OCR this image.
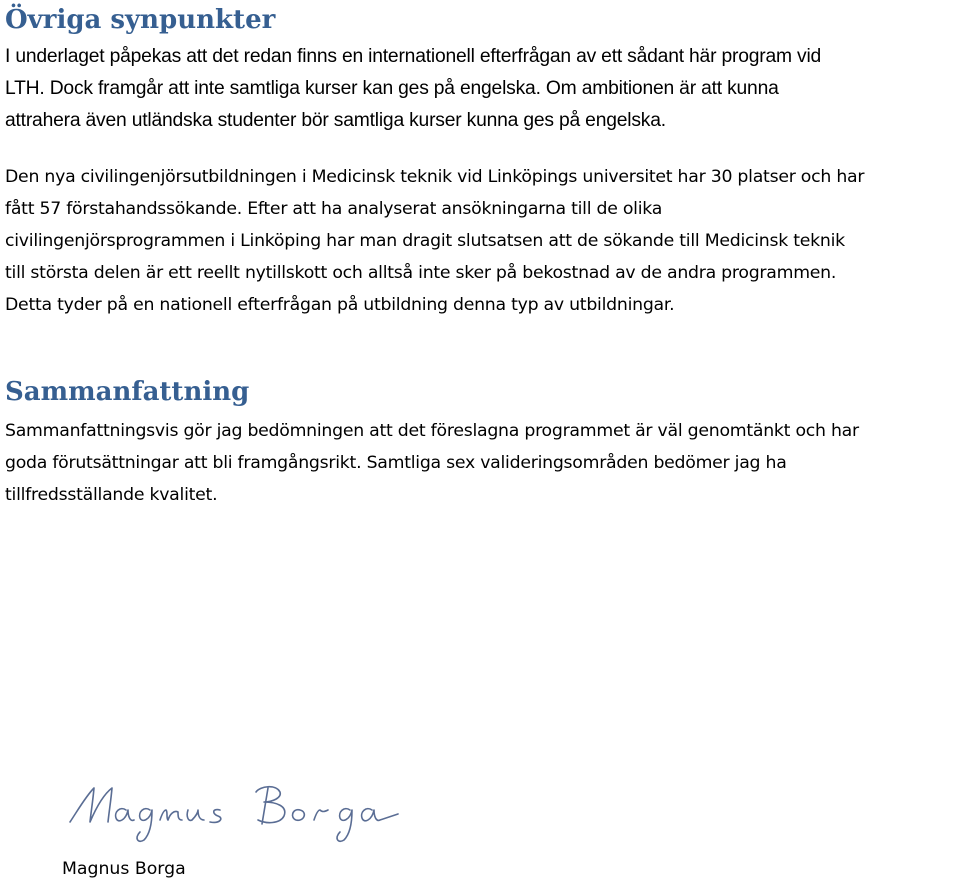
Övriga synpunkter

I underlaget påpekas att det redan finns en internationell efterfrågan av ett sådant här program vid
LTH. Dock framgår att inte samtliga kurser kan ges på engelska. Om ambitionen är att kunna
attrahera även utländska studenter bör samtliga kurser kunna ges på engelska.

Den nya civilingenjörsutbildningen i Medicinsk teknik vid Linköpings universitet har 30 platser och har
fått 57 förstahandssökande. Efter att ha analyserat ansökningarna till de olika
civilingenjörsprogrammen i Linköping har man dragit slutsatsen att de sökande till Medicinsk teknik
till största delen är ett reellt nytillskott och alltså inte sker på bekostnad av de andra programmen.
Detta tyder på en nationell efterfrågan på utbildning denna typ av utbildningar.

Sammanfattning

Sammanfattningsvis gör jag bedömningen att det föreslagna programmet är väl genomtänkt och har
goda förutsättningar att bli framgångsrikt. Samtliga sex valideringsområden bedömer jag ha
tillfredsställande kvalitet.

Magnus Borga
